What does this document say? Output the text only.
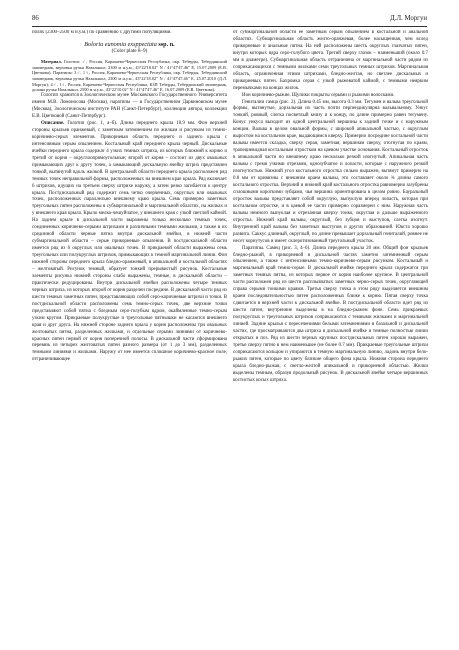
86	Д.Л. Моргун

полях (2300–2500 м н.у.м.) по сравнению с другими популяциями.

Boloria eunomia exsppectata ssp. n.
(Color plate 8–9)

Материал. Голотип: ♂, Россия, Карачаево-Черкесская Республика, окр. Теберды, Тебердинский заповедник, верховья ручья Назалыкол, 2300 м н.у.м., 43°22'18.02" N / 41°47'47.46" E, 15.07.2009 (Е.В. Цветкова). Паратипы: 3♂, 1♀, Россия, Карачаево-Черкесская Республика, окр. Теберды, Тебердинский заповедник, верховья ручья Назалыкол, 2300 м н.у.м., 43°22'18.02" N / 41°47'47.46" E, 25.07.2010 (Д.Л. Моргун); 4♂, 1♀, Россия, Карачаево-Черкесская Республика, КЗП Теберды, Тебердинский заповедник, долина ручья Назалыкол, 2500 м н.у.м., 43°22'10.02" N / 41°47'47.46" E, 16.07.2009 (Е.В. Цветкова).

Голотип хранится в Зоологическом музее Московского Государственного Университета имени М.В. Ломоносова (Москва), паратипы — в Государственном Дарвиновском музее (Москва), Зоологическом институте РАН (Санкт-Петербург), коллекции автора, коллекции Е.В. Цветковой (Санкт-Петербург).

Описание. Голотип (рис. 1, а–б). Длина переднего крыла 18.9 мм. Фон верхней стороны крыльев оранжевый, с заметным затемнением по жилкам и рисунком из темно-коричнево-серых элементов. Прикорневая область переднего и заднего крыла с интенсивным серым опылением. Костальный край переднего крыла черный. Дискальные ячейки переднего крыла содержат 4 узких темных штриха, из которых ближний к корню и третий от корня – округлоопрямоугольные; второй от корня – состоит из двух овальных примыкающих друг к другу точек, а замыкающий дискальную ячейку штрих представлен тонкой, вытянутой вдоль жилкой. В центральной области переднего крыла расположен ряд темных точек неправильной формы, расположенных на внешнем крае крыла. Ряд включает 6 штрихов, идущих на третьем сверху штрихе наружу, а затем резко загибается к центру крыла. Постдискальный ряд содержит семь четко очерченных, округлых или овальных точек, расположенных параллельно внешнему краю крыла. Семь примерно заметных треугольных пятен расположены в субмаргинальной и маргинальной областях, на жилках и у внешнего края крыла. Крыло мелко-чешуйчатое, у внешнего края с узкой светлой каймой. На заднем крыле в дискальной части выражены только несколько темных точек, соединенных коричнево-серыми штрихами и различными темными жилками, а также в их срединной области черные пятна внутри дискальной ячейки, в нижней части субмаргинальной области – серые прикорневые опыления. В постдискальной области имеется ряд из 6 округлых или овальных точек. В прикраевой области выражены семь треугольных или полукруглых штрихов, примыкающих к темной маргинальной линии. Фон нижней стороны переднего крыла бледно-оранжевый, в апикальной и костальной областях – желтоватый. Рисунок темный, образует тонкий прерывистый рисунок. Костальные элементы рисунка нижней стороны слабо выражены, темные, в дискальной области – практически редуцированы. Внутри дискальной ячейки расположены четыре темных черных штриха, из которых второй от корня разделен посредине. В дискальной части ряд из шести темных заметных пятен, представляющих собой серо-коричневые штрихи и точки. В постдискальной области расположены семь темно-серых точек, две верхние точки представляют собой пятна с бледным серо-голубым ядром, окаймленные темно-серым узким кругом. Прикраевые полукруглые и треугольные пятнышки не касаются внешнего края и друг друга. На нижней стороне заднего крыла у корня расположены три овальных желтоватых пятна, разделенных жилками, и отдельные серыми линиями от коричнево-красных пятен первой от корня поперечной полосы. В дискальной части сформирована перевязь из четырех желтоватых пятен разного размера (от 1 до 3 мм), разделенных темными линиями и жилками. Наружу от нее имеется сплошное коричнево-красное поле, отграничивающее

от субмаргинальной области ее заметным серым опылением в костальной и анальной областях. Субмаргинальная область желто-оранжевая, более насыщенная, чем вслед прикорневые и анальные пятна. На ней расположены шесть округлых глазчатых пятен, внутри которых ядра серо-голубого цвета. Третий сверху глазок – наименьший (около 0.7 мм в диаметре). Субмаргинальная область отграничена от маргинальной части рядом из соприкасающихся с темными жилками семи треугольных темных штрихов. Маргинальная область, ограниченная этими штрихами, бледно-желтая, но светлее дискальных и прикорневых пятен. Бахромка серая с узкой рыжеватой каймой, с темными неярким перемычками на концах жилок.

Ион коричнево-рыжие. Щупики покрыты серыми и рыжими волосками.

Гениталии самца (рис. 2). Длина 0.45 мм, высота 0.3 мм. Тегумен и вальва треугольной формы, вытянутые, дорзальная их часть почти перпендикулярна вальвальному. Ункус тонкий, ровный, слегка посветлый книзу и к концу, по длине примерно равен тегумену. Конус ункуса выходит из одной центральной вершины к задний точке и с наружным концом. Вальва в целом овальной формы, с широкой апикальной частью, с округлым выростом на костальном крае, выдающимся кверху. Примерно посредине костальной части вальвы имеется складка, сверху серая, заметная, вершинам сверху, отогнутая по краям, трапециевидная костальным отростком на цаевом участке основания. Костальный отросток в апикальной части по внешнему краю несколько резкой изогнутый. Апикальная часть вальвы с тремя узкими отрезами, однозубчатое и лопасти, которые с наружного резкой изогнутостью. Нижний угол костального отростка сильно выражен, вытянут примерно на 0.8 мм от кривизны с внешним краем вальвы, это составляет около ¾ длины самого костального отростка. Верхний и нижний край костального отростка равномерно зазубрены сплошными короткими зубцами, чья вершина ориентирована в целом ровно. Бауральный отросток вальвы представляет собой округлую, выпуклую вперед лопасть, которая при костальном отростке, и в цаевой ее части примерно соразмерен с ним. Наружная часть вальвы немного выпуклая и отрезанная кверху тонко, округлая и дальше выраженного отростка. Нижний край вальвы, округлый, без зубцов и выступов, слегка изогнут. Внутренний край вальвы без заметных выступов и других образований. Юкста хорошо развита. Саккус длинный, округлый, по длине превышает дорзальный гениталий, ровнее не несет корнутусов и имеет склеротизованный треугольный участок.

Паратипы. Самец (рис. 3, 4–6). Длина переднего крыла 20 мм. Общий фон крыльев бледно-рыжий, в прикорневой и дискальной частях заметно затемненный серым опылением, а также с интенсивными темно-коричнево-серым рисунком. Костальный и маргинальный край темно-серые. В дискальной ячейке переднего крыла содержатся три заметных темных пятна, из которых первое от корня наиболее крупное. В центральной части расположен ряд из шести расплывчатых заметных черно-серых точек, округляющей справа серыми тонкими краями. Третья сверху точка в этом ряду выделяется внешним краем последовательностью пятен расположенных ближе к корню. Пятая сверху точка сдвигается в верхней части к дискальной ячейке. В постдискальной области идет ряд из шести пятен, внутренние выделены в на бледно-рыжем фоне. Семь прикраевых полукруглых и треугольных штрихов соприкасаются с темными жилками и маргинальной линией. Задние крылья с пересечениями белыми затемнениями в базальной и дискальной частях, где просматриваются два штриха в дискальной ячейке и темные полностью линии открытых и поз. Ряд из шести черных крупных постдискальных пятен хорошо выражен, третье сверху пятно в нем наименьшее (не более 0.7 мм). Прикраевые треугольные штрихи соприкасаются кольцом и упираются в темную маргинальную линию, ладонь внутри бело-рыжих пятен, которые по цвету близкие общего фона крыла. Нижняя сторона переднего крыла бледно-рыжая, с светло-желтой апикальной и прикорневой областью. Жилки выделены темным, образуя продольный рисунок. В дискальной ячейке четыре вершинных костистых косых штриха.
